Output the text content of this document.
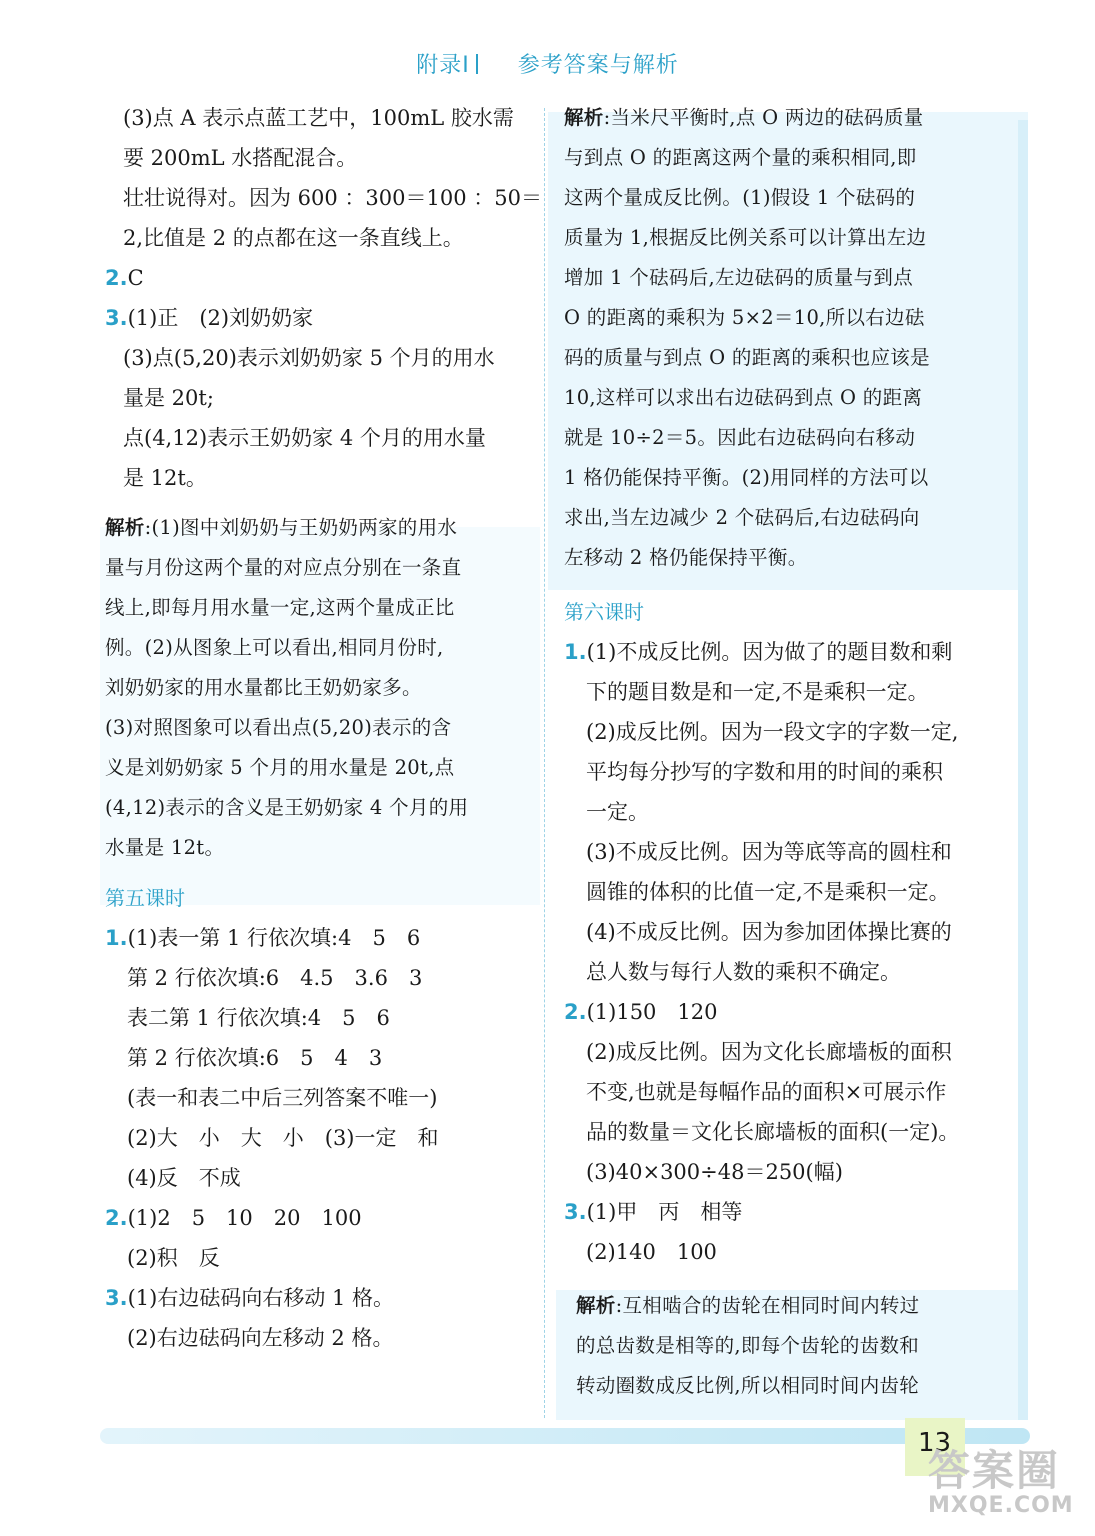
附录Ⅰ 参考答案与解析
(3)点 A 表示点蓝工艺中，100mL 胶水需
要 200mL 水搭配混合。
壮壮说得对。因为 600 ：300＝100 ：50＝
2,比值是 2 的点都在这一条直线上。
2.C
3.(1)正　(2)刘奶奶家
(3)点(5,20)表示刘奶奶家 5 个月的用水
量是 20t;
点(4,12)表示王奶奶家 4 个月的用水量
是 12t。
解析:(1)图中刘奶奶与王奶奶两家的用水
量与月份这两个量的对应点分别在一条直
线上,即每月用水量一定,这两个量成正比
例。(2)从图象上可以看出,相同月份时,
刘奶奶家的用水量都比王奶奶家多。
(3)对照图象可以看出点(5,20)表示的含
义是刘奶奶家 5 个月的用水量是 20t,点
(4,12)表示的含义是王奶奶家 4 个月的用
水量是 12t。
第五课时
1.(1)表一第 1 行依次填:4　5　6
第 2 行依次填:6　4.5　3.6　3
表二第 1 行依次填:4　5　6
第 2 行依次填:6　5　4　3
(表一和表二中后三列答案不唯一)
(2)大　小　大　小　(3)一定　和
(4)反　不成
2.(1)2　5　10　20　100
(2)积　反
3.(1)右边砝码向右移动 1 格。
(2)右边砝码向左移动 2 格。
解析:当米尺平衡时,点 O 两边的砝码质量
与到点 O 的距离这两个量的乘积相同,即
这两个量成反比例。(1)假设 1 个砝码的
质量为 1,根据反比例关系可以计算出左边
增加 1 个砝码后,左边砝码的质量与到点
O 的距离的乘积为 5×2＝10,所以右边砝
码的质量与到点 O 的距离的乘积也应该是
10,这样可以求出右边砝码到点 O 的距离
就是 10÷2＝5。因此右边砝码向右移动
1 格仍能保持平衡。(2)用同样的方法可以
求出,当左边减少 2 个砝码后,右边砝码向
左移动 2 格仍能保持平衡。
第六课时
1.(1)不成反比例。因为做了的题目数和剩
下的题目数是和一定,不是乘积一定。
(2)成反比例。因为一段文字的字数一定,
平均每分抄写的字数和用的时间的乘积
一定。
(3)不成反比例。因为等底等高的圆柱和
圆锥的体积的比值一定,不是乘积一定。
(4)不成反比例。因为参加团体操比赛的
总人数与每行人数的乘积不确定。
2.(1)150　120
(2)成反比例。因为文化长廊墙板的面积
不变,也就是每幅作品的面积×可展示作
品的数量＝文化长廊墙板的面积(一定)。
(3)40×300÷48＝250(幅)
3.(1)甲　丙　相等
(2)140　100
解析:互相啮合的齿轮在相同时间内转过
的总齿数是相等的,即每个齿轮的齿数和
转动圈数成反比例,所以相同时间内齿轮
13
答案圈
MXQE.COM
